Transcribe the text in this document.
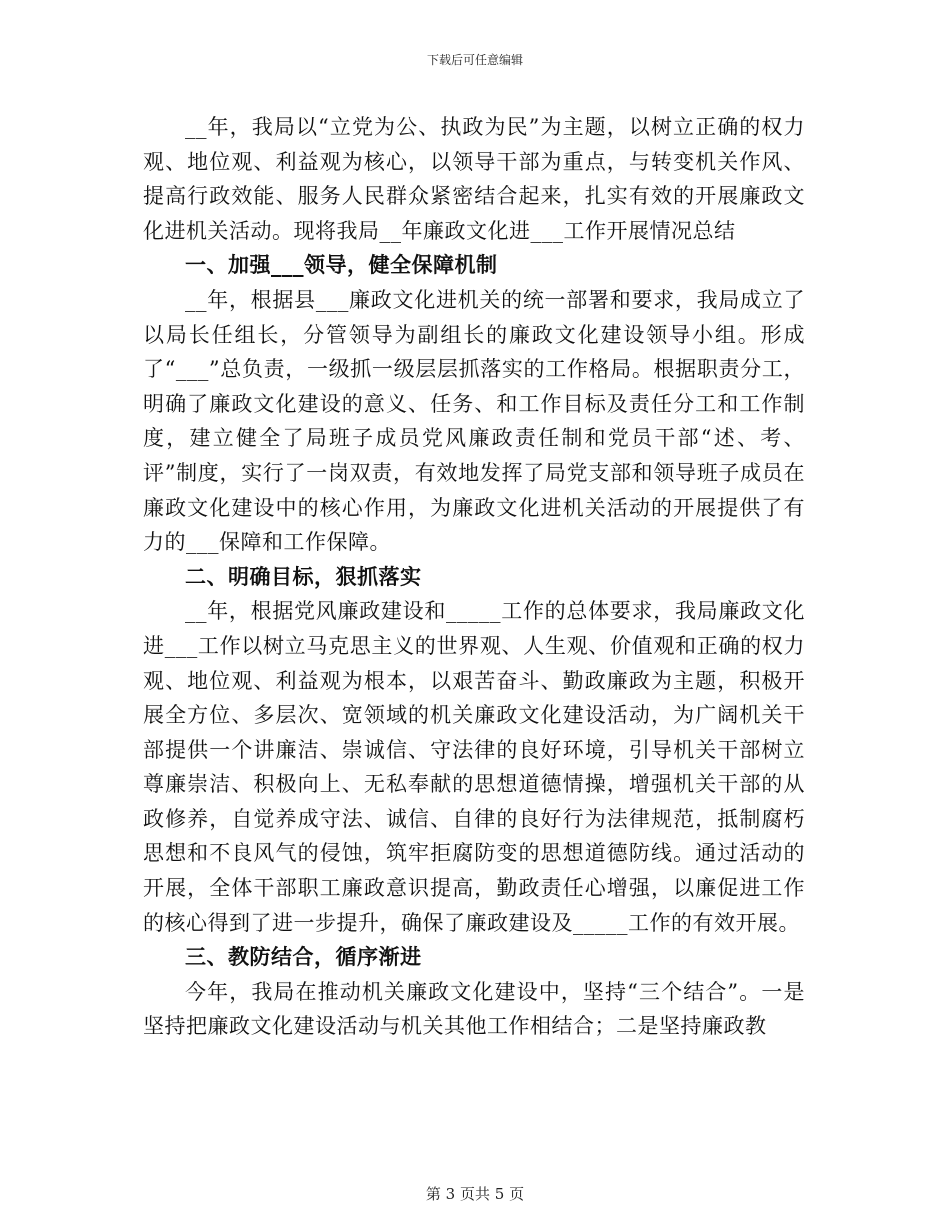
下载后可任意编辑

__年，我局以“立党为公、执政为民”为主题，以树立正确的权力观、地位观、利益观为核心，以领导干部为重点，与转变机关作风、提高行政效能、服务人民群众紧密结合起来，扎实有效的开展廉政文化进机关活动。现将我局__年廉政文化进___工作开展情况总结

一、加强___领导，健全保障机制

__年，根据县___廉政文化进机关的统一部署和要求，我局成立了以局长任组长，分管领导为副组长的廉政文化建设领导小组。形成了“___”总负责，一级抓一级层层抓落实的工作格局。根据职责分工，明确了廉政文化建设的意义、任务、和工作目标及责任分工和工作制度，建立健全了局班子成员党风廉政责任制和党员干部“述、考、评”制度，实行了一岗双责，有效地发挥了局党支部和领导班子成员在廉政文化建设中的核心作用，为廉政文化进机关活动的开展提供了有力的___保障和工作保障。

二、明确目标，狠抓落实

__年，根据党风廉政建设和_____工作的总体要求，我局廉政文化进___工作以树立马克思主义的世界观、人生观、价值观和正确的权力观、地位观、利益观为根本，以艰苦奋斗、勤政廉政为主题，积极开展全方位、多层次、宽领域的机关廉政文化建设活动，为广阔机关干部提供一个讲廉洁、崇诚信、守法律的良好环境，引导机关干部树立尊廉崇洁、积极向上、无私奉献的思想道德情操，增强机关干部的从政修养，自觉养成守法、诚信、自律的良好行为法律规范，抵制腐朽思想和不良风气的侵蚀，筑牢拒腐防变的思想道德防线。通过活动的开展，全体干部职工廉政意识提高，勤政责任心增强，以廉促进工作的核心得到了进一步提升，确保了廉政建设及_____工作的有效开展。

三、教防结合，循序渐进

今年，我局在推动机关廉政文化建设中，坚持“三个结合”。一是坚持把廉政文化建设活动与机关其他工作相结合；二是坚持廉政教

第 3 页共 5 页
